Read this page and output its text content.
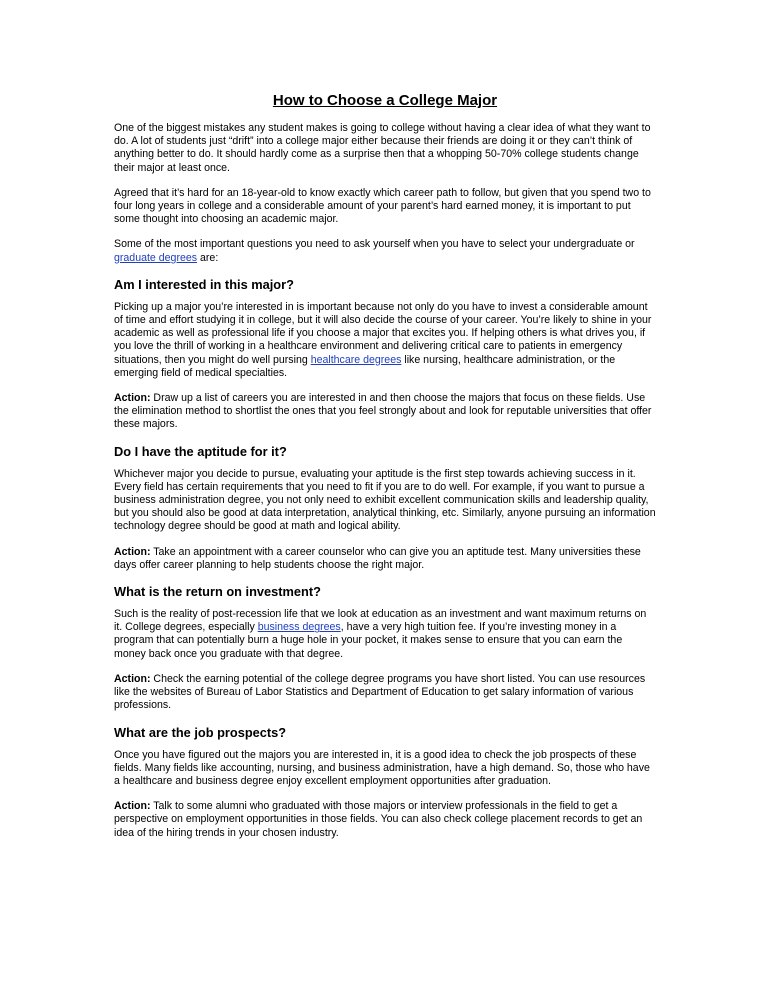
How to Choose a College Major

One of the biggest mistakes any student makes is going to college without having a clear idea of what they want to do. A lot of students just “drift” into a college major either because their friends are doing it or they can’t think of anything better to do. It should hardly come as a surprise then that a whopping 50-70% college students change their major at least once.

Agreed that it’s hard for an 18-year-old to know exactly which career path to follow, but given that you spend two to four long years in college and a considerable amount of your parent’s hard earned money, it is important to put some thought into choosing an academic major.

Some of the most important questions you need to ask yourself when you have to select your undergraduate or graduate degrees are:

Am I interested in this major?

Picking up a major you’re interested in is important because not only do you have to invest a considerable amount of time and effort studying it in college, but it will also decide the course of your career. You’re likely to shine in your academic as well as professional life if you choose a major that excites you. If helping others is what drives you, if you love the thrill of working in a healthcare environment and delivering critical care to patients in emergency situations, then you might do well pursing healthcare degrees like nursing, healthcare administration, or the emerging field of medical specialties.

Action: Draw up a list of careers you are interested in and then choose the majors that focus on these fields. Use the elimination method to shortlist the ones that you feel strongly about and look for reputable universities that offer these majors.

Do I have the aptitude for it?

Whichever major you decide to pursue, evaluating your aptitude is the first step towards achieving success in it. Every field has certain requirements that you need to fit if you are to do well. For example, if you want to pursue a business administration degree, you not only need to exhibit excellent communication skills and leadership quality, but you should also be good at data interpretation, analytical thinking, etc. Similarly, anyone pursuing an information technology degree should be good at math and logical ability.

Action: Take an appointment with a career counselor who can give you an aptitude test. Many universities these days offer career planning to help students choose the right major.

What is the return on investment?

Such is the reality of post-recession life that we look at education as an investment and want maximum returns on it. College degrees, especially business degrees, have a very high tuition fee. If you’re investing money in a program that can potentially burn a huge hole in your pocket, it makes sense to ensure that you can earn the money back once you graduate with that degree.

Action: Check the earning potential of the college degree programs you have short listed. You can use resources like the websites of Bureau of Labor Statistics and Department of Education to get salary information of various professions.

What are the job prospects?

Once you have figured out the majors you are interested in, it is a good idea to check the job prospects of these fields. Many fields like accounting, nursing, and business administration, have a high demand. So, those who have a healthcare and business degree enjoy excellent employment opportunities after graduation.

Action: Talk to some alumni who graduated with those majors or interview professionals in the field to get a perspective on employment opportunities in those fields. You can also check college placement records to get an idea of the hiring trends in your chosen industry.
